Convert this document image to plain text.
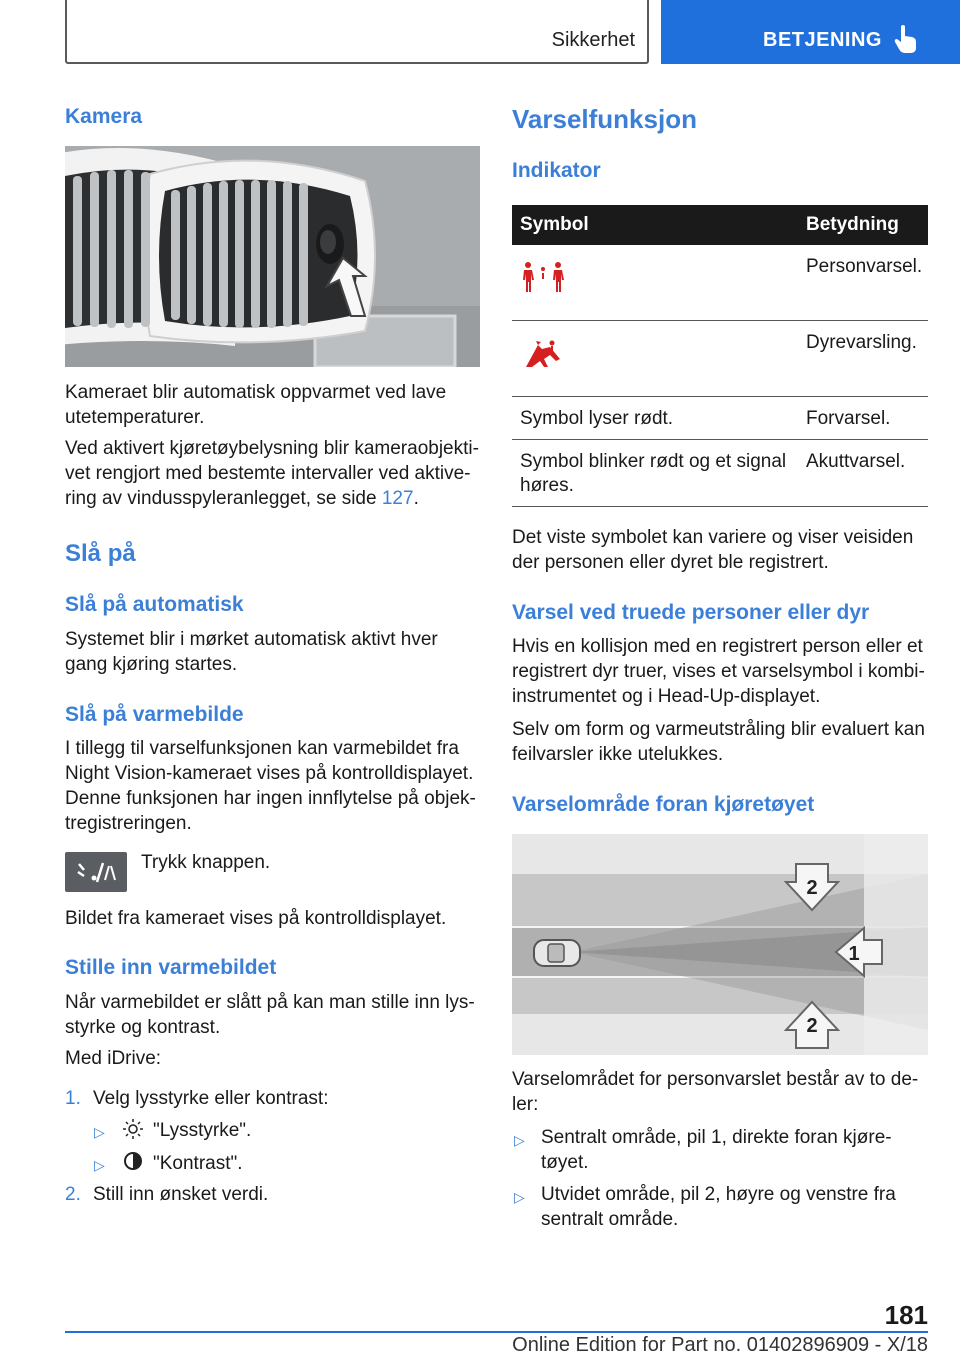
Sikkerhet	BETJENING
Kamera
Kameraet blir automatisk oppvarmet ved lave utetemperaturer.
Ved aktivert kjøretøybelysning blir kameraobjekti-vet rengjort med bestemte intervaller ved aktive-ring av vindusspyleranlegget, se side 127.
Slå på
Slå på automatisk
Systemet blir i mørket automatisk aktivt hver gang kjøring startes.
Slå på varmebilde
I tillegg til varselfunksjonen kan varmebildet fra Night Vision-kameraet vises på kontrolldisplayet. Denne funksjonen har ingen innflytelse på objek-tregistreringen.
Trykk knappen.
Bildet fra kameraet vises på kontrolldisplayet.
Stille inn varmebildet
Når varmebildet er slått på kan man stille inn lys-styrke og kontrast.
Med iDrive:
1. Velg lysstyrke eller kontrast:
▷	"Lysstyrke".
▷	"Kontrast".
2. Still inn ønsket verdi.
Varselfunksjon
Indikator
Symbol	Betydning
	Personvarsel.
	Dyrevarsling.
Symbol lyser rødt.	Forvarsel.
Symbol blinker rødt og et signal høres.	Akuttvarsel.
Det viste symbolet kan variere og viser veisiden der personen eller dyret ble registrert.
Varsel ved truede personer eller dyr
Hvis en kollisjon med en registrert person eller et registrert dyr truer, vises et varselsymbol i kombi-instrumentet og i Head-Up-displayet.
Selv om form og varmeutstråling blir evaluert kan feilvarsler ikke utelukkes.
Varselområde foran kjøretøyet
2
1
2
Varselområdet for personvarslet består av to de-ler:
▷ Sentralt område, pil 1, direkte foran kjøre-tøyet.
▷ Utvidet område, pil 2, høyre og venstre fra sentralt område.
181
Online Edition for Part no. 01402896909 - X/18
